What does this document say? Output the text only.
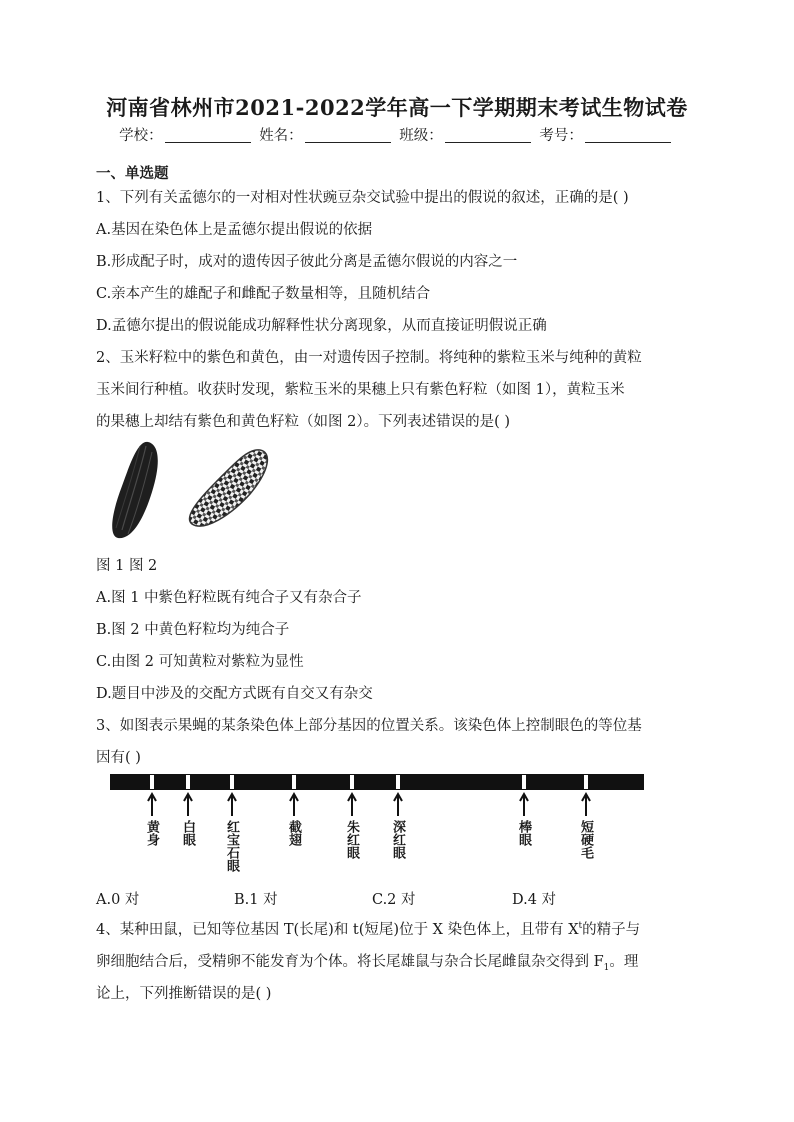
河南省林州市2021-2022学年高一下学期期末考试生物试卷
学校：	姓名：	班级：	考号：
一、单选题
1、下列有关孟德尔的一对相对性状豌豆杂交试验中提出的假说的叙述，正确的是( )
A.基因在染色体上是孟德尔提出假说的依据
B.形成配子时，成对的遗传因子彼此分离是孟德尔假说的内容之一
C.亲本产生的雄配子和雌配子数量相等，且随机结合
D.孟德尔提出的假说能成功解释性状分离现象，从而直接证明假说正确
2、玉米籽粒中的紫色和黄色，由一对遗传因子控制。将纯种的紫粒玉米与纯种的黄粒
玉米间行种植。收获时发现，紫粒玉米的果穗上只有紫色籽粒（如图 1），黄粒玉米
的果穗上却结有紫色和黄色籽粒（如图 2）。下列表述错误的是( )
图 1 图 2
A.图 1 中紫色籽粒既有纯合子又有杂合子
B.图 2 中黄色籽粒均为纯合子
C.由图 2 可知黄粒对紫粒为显性
D.题目中涉及的交配方式既有自交又有杂交
3、如图表示果蝇的某条染色体上部分基因的位置关系。该染色体上控制眼色的等位基
因有( )
黄身 白眼 红宝石眼	截翅	朱红眼 深红眼	棒眼	短硬毛
A.0 对	B.1 对	C.2 对	D.4 对
4、某种田鼠，已知等位基因 T(长尾)和 t(短尾)位于 X 染色体上，且带有 $X^t$的精子与
卵细胞结合后，受精卵不能发育为个体。将长尾雄鼠与杂合长尾雌鼠杂交得到 $F_1$。理
论上，下列推断错误的是( )
